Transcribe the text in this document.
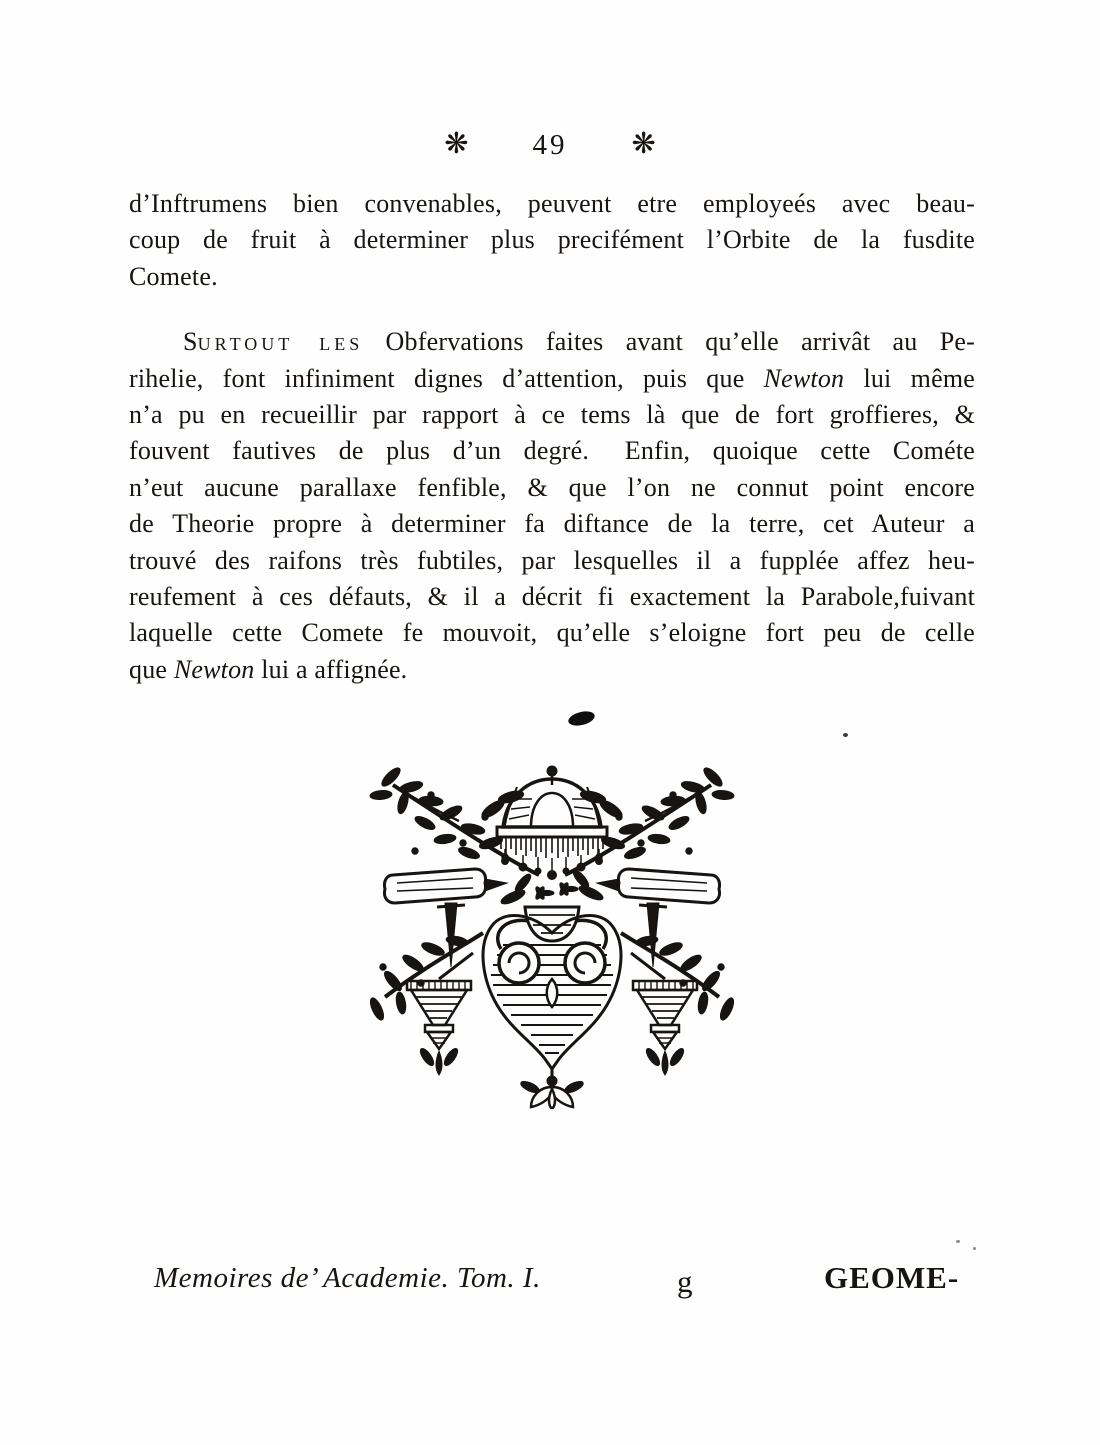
❋ 49 ❋
d’Inftrumens bien convenables, peuvent etre employeés avec beau-
coup de fruit à determiner plus precifément l’Orbite de la fusdite
Comete.
Surtout les Obfervations faites avant qu’elle arrivât au Pe-
rihelie, font infiniment dignes d’attention, puis que Newton lui même
n’a pu en recueillir par rapport à ce tems là que de fort groffieres, &
fouvent fautives de plus d’un degré.  Enfin, quoique cette Cométe
n’eut aucune parallaxe fenfible, & que l’on ne connut point encore
de Theorie propre à determiner fa diftance de la terre, cet Auteur a
trouvé des raifons très fubtiles, par lesquelles il a fupplée affez heu-
reufement à ces défauts, & il a décrit fi exactement la Parabole,fuivant
laquelle cette Comete fe mouvoit, qu’elle s’eloigne fort peu de celle
que Newton lui a affignée.
Memoires de’ Academie. Tom. I.	g	GEOME-
